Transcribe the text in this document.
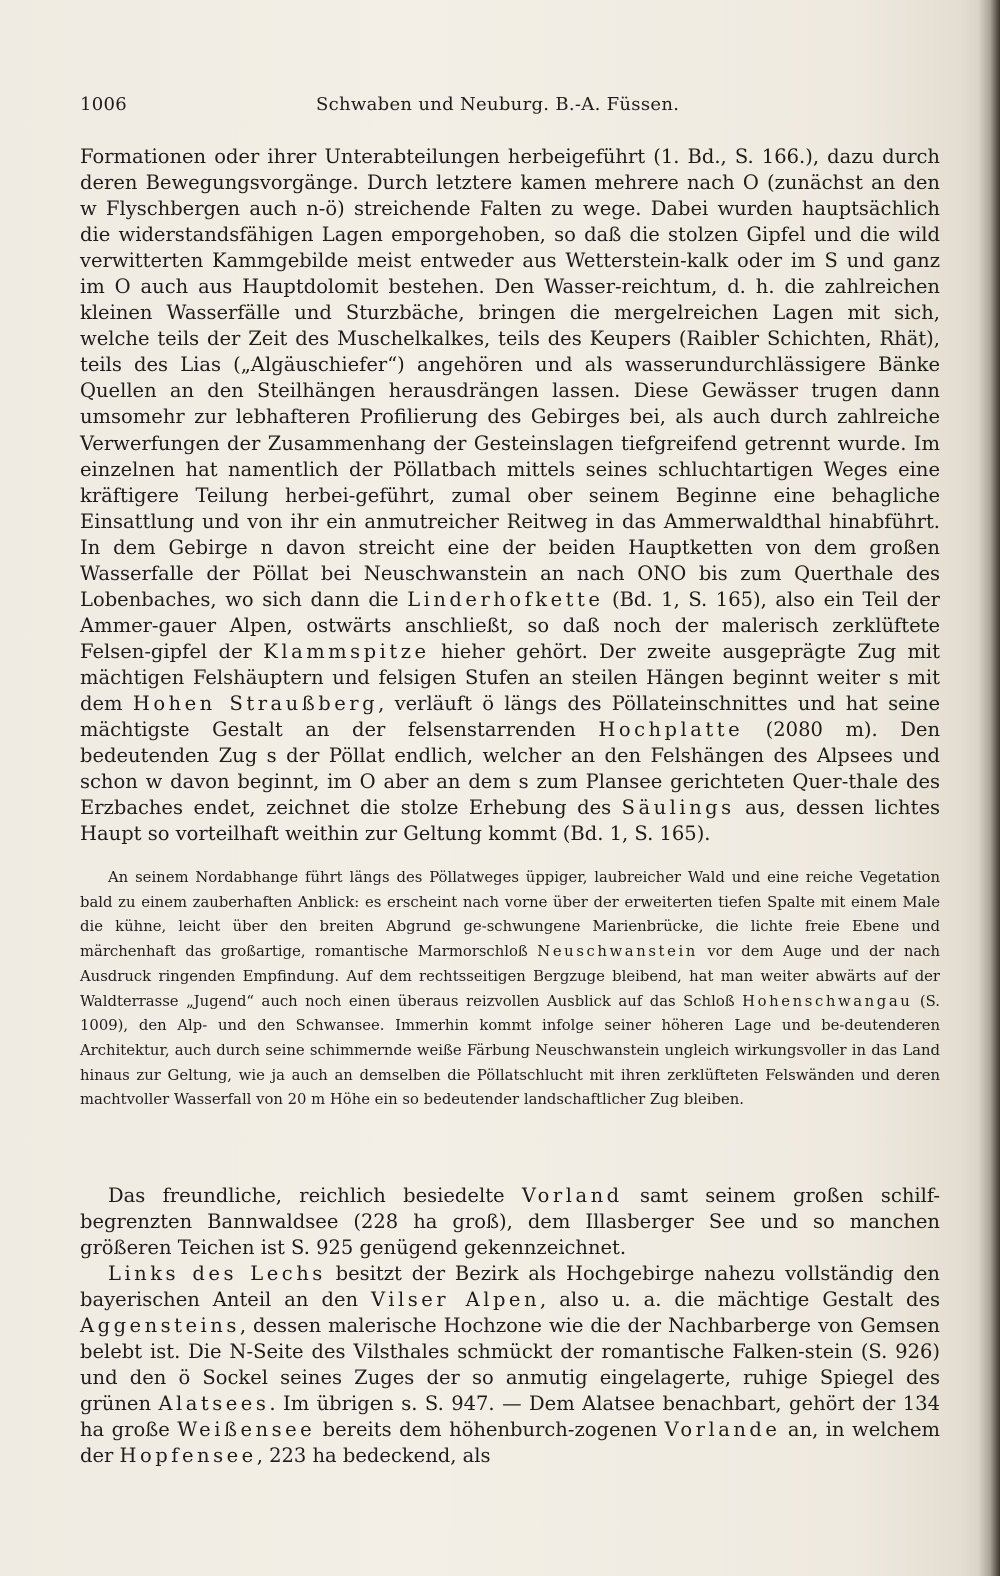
1006	Schwaben und Neuburg. B.-A. Füssen.

Formationen oder ihrer Unterabteilungen herbeigeführt (1. Bd., S. 166.), dazu durch deren Bewegungsvorgänge. Durch letztere kamen mehrere nach O (zunächst an den w Flyschbergen auch n-ö) streichende Falten zu wege. Dabei wurden hauptsächlich die widerstandsfähigen Lagen emporgehoben, so daß die stolzen Gipfel und die wild verwitterten Kammgebilde meist entweder aus Wetterstein-kalk oder im S und ganz im O auch aus Hauptdolomit bestehen. Den Wasser-reichtum, d. h. die zahlreichen kleinen Wasserfälle und Sturzbäche, bringen die mergelreichen Lagen mit sich, welche teils der Zeit des Muschelkalkes, teils des Keupers (Raibler Schichten, Rhät), teils des Lias („Algäuschiefer“) angehören und als wasserundurchlässigere Bänke Quellen an den Steilhängen herausdrängen lassen. Diese Gewässer trugen dann umsomehr zur lebhafteren Profilierung des Gebirges bei, als auch durch zahlreiche Verwerfungen der Zusammenhang der Gesteinslagen tiefgreifend getrennt wurde. Im einzelnen hat namentlich der Pöllatbach mittels seines schluchtartigen Weges eine kräftigere Teilung herbei-geführt, zumal ober seinem Beginne eine behagliche Einsattlung und von ihr ein anmutreicher Reitweg in das Ammerwaldthal hinabführt. In dem Gebirge n davon streicht eine der beiden Hauptketten von dem großen Wasserfalle der Pöllat bei Neuschwanstein an nach ONO bis zum Querthale des Lobenbaches, wo sich dann die Linderhofkette (Bd. 1, S. 165), also ein Teil der Ammer-gauer Alpen, ostwärts anschließt, so daß noch der malerisch zerklüftete Felsen-gipfel der Klammspitze hieher gehört. Der zweite ausgeprägte Zug mit mächtigen Felshäuptern und felsigen Stufen an steilen Hängen beginnt weiter s mit dem Hohen Straußberg, verläuft ö längs des Pöllateinschnittes und hat seine mächtigste Gestalt an der felsenstarrenden Hochplatte (2080 m). Den bedeutenden Zug s der Pöllat endlich, welcher an den Felshängen des Alpsees und schon w davon beginnt, im O aber an dem s zum Plansee gerichteten Quer-thale des Erzbaches endet, zeichnet die stolze Erhebung des Säulings aus, dessen lichtes Haupt so vorteilhaft weithin zur Geltung kommt (Bd. 1, S. 165).

An seinem Nordabhange führt längs des Pöllatweges üppiger, laubreicher Wald und eine reiche Vegetation bald zu einem zauberhaften Anblick: es erscheint nach vorne über der erweiterten tiefen Spalte mit einem Male die kühne, leicht über den breiten Abgrund ge-schwungene Marienbrücke, die lichte freie Ebene und märchenhaft das großartige, romantische Marmorschloß Neuschwanstein vor dem Auge und der nach Ausdruck ringenden Empfindung. Auf dem rechtsseitigen Bergzuge bleibend, hat man weiter abwärts auf der Waldterrasse „Jugend“ auch noch einen überaus reizvollen Ausblick auf das Schloß Hohenschwangau (S. 1009), den Alp- und den Schwansee. Immerhin kommt infolge seiner höheren Lage und be-deutenderen Architektur, auch durch seine schimmernde weiße Färbung Neuschwanstein ungleich wirkungsvoller in das Land hinaus zur Geltung, wie ja auch an demselben die Pöllatschlucht mit ihren zerklüfteten Felswänden und deren machtvoller Wasserfall von 20 m Höhe ein so bedeutender landschaftlicher Zug bleiben.

Das freundliche, reichlich besiedelte Vorland samt seinem großen schilf-begrenzten Bannwaldsee (228 ha groß), dem Illasberger See und so manchen größeren Teichen ist S. 925 genügend gekennzeichnet.

Links des Lechs besitzt der Bezirk als Hochgebirge nahezu vollständig den bayerischen Anteil an den Vilser Alpen, also u. a. die mächtige Gestalt des Aggensteins, dessen malerische Hochzone wie die der Nachbarberge von Gemsen belebt ist. Die N-Seite des Vilsthales schmückt der romantische Falken-stein (S. 926) und den ö Sockel seines Zuges der so anmutig eingelagerte, ruhige Spiegel des grünen Alatsees. Im übrigen s. S. 947. — Dem Alatsee benachbart, gehört der 134 ha große Weißensee bereits dem höhenburch-zogenen Vorlande an, in welchem der Hopfensee, 223 ha bedeckend, als
